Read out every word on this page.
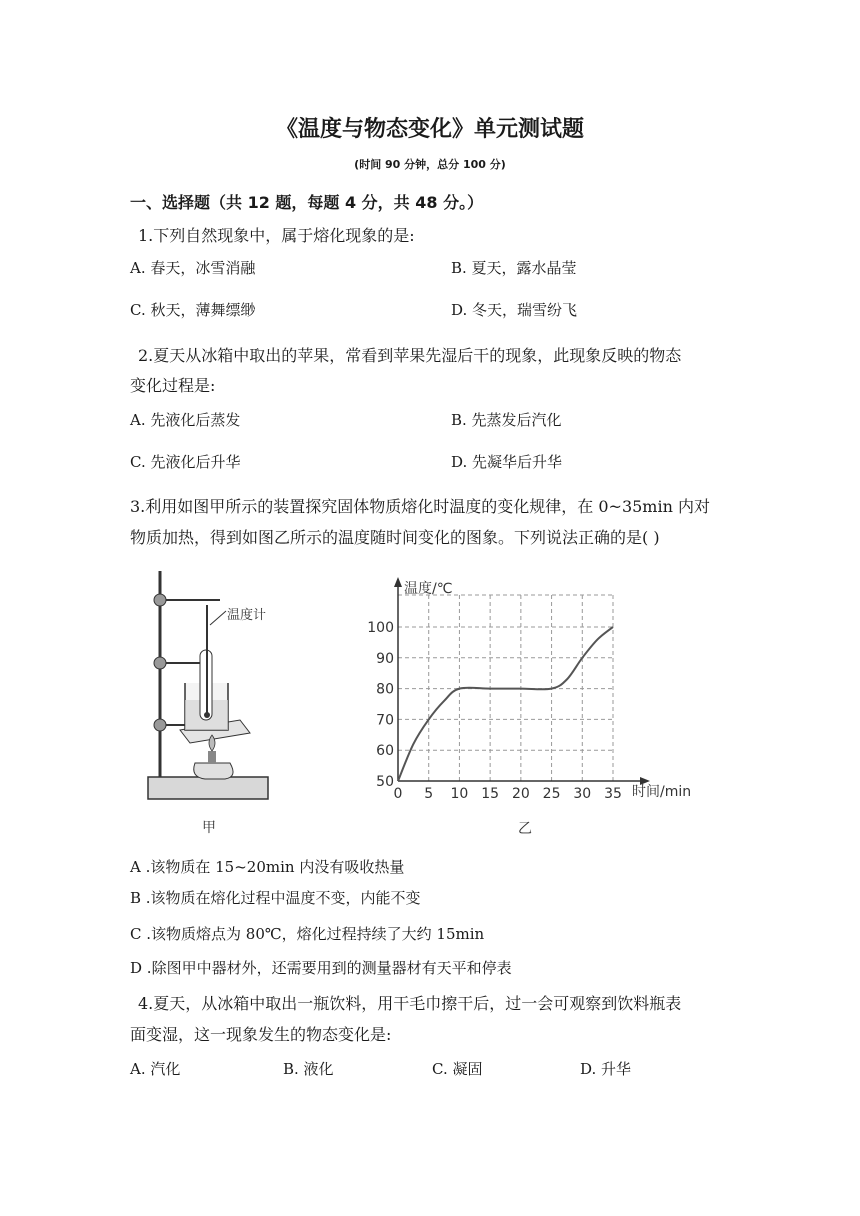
《温度与物态变化》单元测试题
(时间 90 分钟，总分 100 分)
一、选择题（共 12 题，每题 4 分，共 48 分。）
1.下列自然现象中，属于熔化现象的是:
A. 春天，冰雪消融	B. 夏天，露水晶莹
C. 秋天，薄舞缥缈	D. 冬天，瑞雪纷飞
2.夏天从冰箱中取出的苹果，常看到苹果先湿后干的现象，此现象反映的物态
变化过程是:
A. 先液化后蒸发	B. 先蒸发后汽化
C. 先液化后升华	D. 先凝华后升华
3.利用如图甲所示的装置探究固体物质熔化时温度的变化规律，在 0~35min 内对
物质加热，得到如图乙所示的温度随时间变化的图象。下列说法正确的是( )
温度计
甲
0 5 10 15 20 25 30 35
50
60
70
80
90
100
温度/℃
时间/min
乙
A .该物质在 15~20min 内没有吸收热量
B .该物质在熔化过程中温度不变，内能不变
C .该物质熔点为 80℃，熔化过程持续了大约 15min
D .除图甲中器材外，还需要用到的测量器材有天平和停表
4.夏天，从冰箱中取出一瓶饮料，用干毛巾擦干后，过一会可观察到饮料瓶表
面变湿，这一现象发生的物态变化是:
A. 汽化	B. 液化	C. 凝固	D. 升华
